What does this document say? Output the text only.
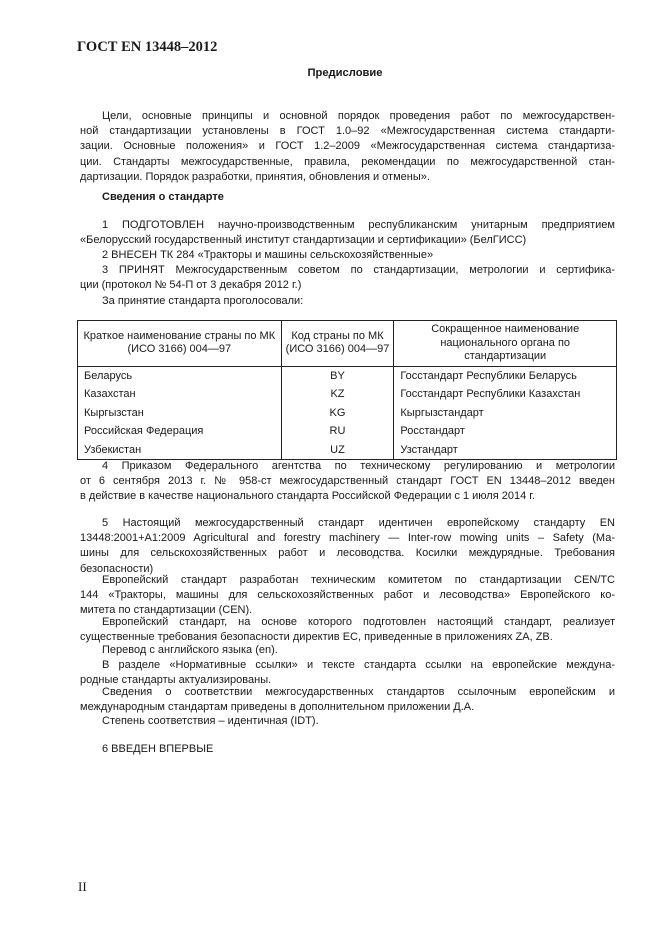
ГОСТ EN 13448–2012
Предисловие
Цели, основные принципы и основной порядок проведения работ по межгосударствен-
ной стандартизации установлены в ГОСТ 1.0–92 «Межгосударственная система стандарти-
зации. Основные положения» и ГОСТ 1.2–2009 «Межгосударственная система стандартиза-
ции. Стандарты межгосударственные, правила, рекомендации по межгосударственной стан-
дартизации. Порядок разработки, принятия, обновления и отмены».
Сведения о стандарте
1 ПОДГОТОВЛЕН научно-производственным республиканским унитарным предприятием
«Белорусский государственный институт стандартизации и сертификации» (БелГИСС)
2 ВНЕСЕН ТК 284 «Тракторы и машины сельскохозяйственные»
3 ПРИНЯТ Межгосударственным советом по стандартизации, метрологии и сертифика-
ции (протокол № 54-П от 3 декабря 2012 г.)
За принятие стандарта проголосовали:
Краткое наименование страны по МК (ИСО 3166) 004—97	Код страны по МК (ИСО 3166) 004—97	Сокращенное наименование национального органа по стандартизации
Беларусь	BY	Госстандарт Республики Беларусь
Казахстан	KZ	Госстандарт Республики Казахстан
Кыргызстан	KG	Кыргызстандарт
Российская Федерация	RU	Росстандарт
Узбекистан	UZ	Узстандарт
4 Приказом Федерального агентства по техническому регулированию и метрологии
от 6 сентября 2013 г. № 958-ст межгосударственный стандарт ГОСТ EN 13448–2012 введен
в действие в качестве национального стандарта Российской Федерации с 1 июля 2014 г.
5 Настоящий межгосударственный стандарт идентичен европейскому стандарту EN
13448:2001+A1:2009 Agricultural and forestry machinery — Inter-row mowing units – Safety (Ма-
шины для сельскохозяйственных работ и лесоводства. Косилки междурядные. Требования
безопасности)
Европейский стандарт разработан техническим комитетом по стандартизации CEN/TC
144 «Тракторы, машины для сельскохозяйственных работ и лесоводства» Европейского ко-
митета по стандартизации (CEN).
Европейский стандарт, на основе которого подготовлен настоящий стандарт, реализует
существенные требования безопасности директив ЕС, приведенные в приложениях ZA, ZB.
Перевод с английского языка (en).
В разделе «Нормативные ссылки» и тексте стандарта ссылки на европейские междуна-
родные стандарты актуализированы.
Сведения о соответствии межгосударственных стандартов ссылочным европейским и
международным стандартам приведены в дополнительном приложении Д.А.
Степень соответствия – идентичная (IDT).
6 ВВЕДЕН ВПЕРВЫЕ
II
